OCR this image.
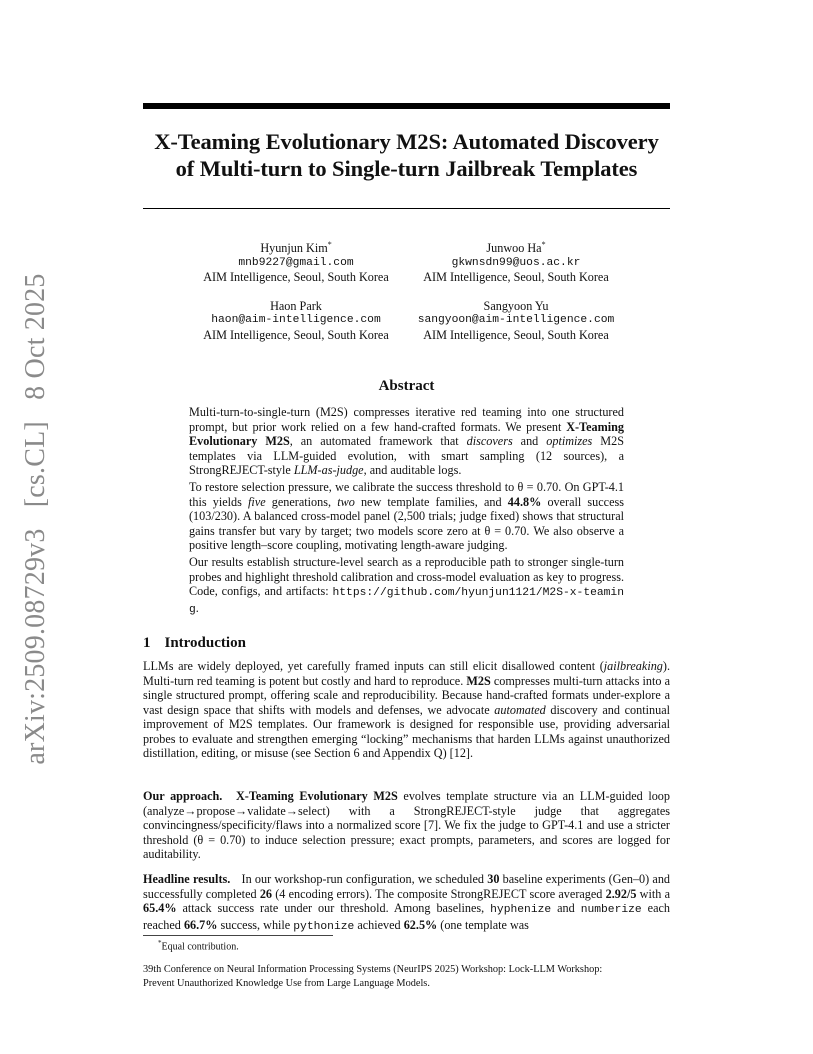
arXiv:2509.08729v3 [cs.CL] 8 Oct 2025
X-Teaming Evolutionary M2S: Automated Discovery
of Multi-turn to Single-turn Jailbreak Templates
Hyunjun Kim*
mnb9227@gmail.com
AIM Intelligence, Seoul, South Korea
Junwoo Ha*
gkwnsdn99@uos.ac.kr
AIM Intelligence, Seoul, South Korea
Haon Park
haon@aim-intelligence.com
AIM Intelligence, Seoul, South Korea
Sangyoon Yu
sangyoon@aim-intelligence.com
AIM Intelligence, Seoul, South Korea
Abstract

Multi-turn-to-single-turn (M2S) compresses iterative red teaming into one structured prompt, but prior work relied on a few hand-crafted formats. We present X-Teaming Evolutionary M2S, an automated framework that discovers and optimizes M2S templates via LLM-guided evolution, with smart sampling (12 sources), a StrongREJECT-style LLM-as-judge, and auditable logs.

To restore selection pressure, we calibrate the success threshold to θ = 0.70. On GPT-4.1 this yields five generations, two new template families, and 44.8% overall success (103/230). A balanced cross-model panel (2,500 trials; judge fixed) shows that structural gains transfer but vary by target; two models score zero at θ = 0.70. We also observe a positive length–score coupling, motivating length-aware judging.

Our results establish structure-level search as a reproducible path to stronger single-turn probes and highlight threshold calibration and cross-model evaluation as key to progress. Code, configs, and artifacts: https://github.com/hyunjun1121/M2S-x-teaming.

1 Introduction

LLMs are widely deployed, yet carefully framed inputs can still elicit disallowed content (jailbreaking). Multi-turn red teaming is potent but costly and hard to reproduce. M2S compresses multi-turn attacks into a single structured prompt, offering scale and reproducibility. Because hand-crafted formats under-explore a vast design space that shifts with models and defenses, we advocate automated discovery and continual improvement of M2S templates. Our framework is designed for responsible use, providing adversarial probes to evaluate and strengthen emerging “locking” mechanisms that harden LLMs against unauthorized distillation, editing, or misuse (see Section 6 and Appendix Q) [12].

Our approach. X-Teaming Evolutionary M2S evolves template structure via an LLM-guided loop (analyze→propose→validate→select) with a StrongREJECT-style judge that aggregates convincingness/specificity/flaws into a normalized score [7]. We fix the judge to GPT-4.1 and use a stricter threshold (θ = 0.70) to induce selection pressure; exact prompts, parameters, and scores are logged for auditability.

Headline results. In our workshop-run configuration, we scheduled 30 baseline experiments (Gen–0) and successfully completed 26 (4 encoding errors). The composite StrongREJECT score averaged 2.92/5 with a 65.4% attack success rate under our threshold. Among baselines, hyphenize and numberize each reached 66.7% success, while pythonize achieved 62.5% (one template was

*Equal contribution.
39th Conference on Neural Information Processing Systems (NeurIPS 2025) Workshop: Lock-LLM Workshop:
Prevent Unauthorized Knowledge Use from Large Language Models.
